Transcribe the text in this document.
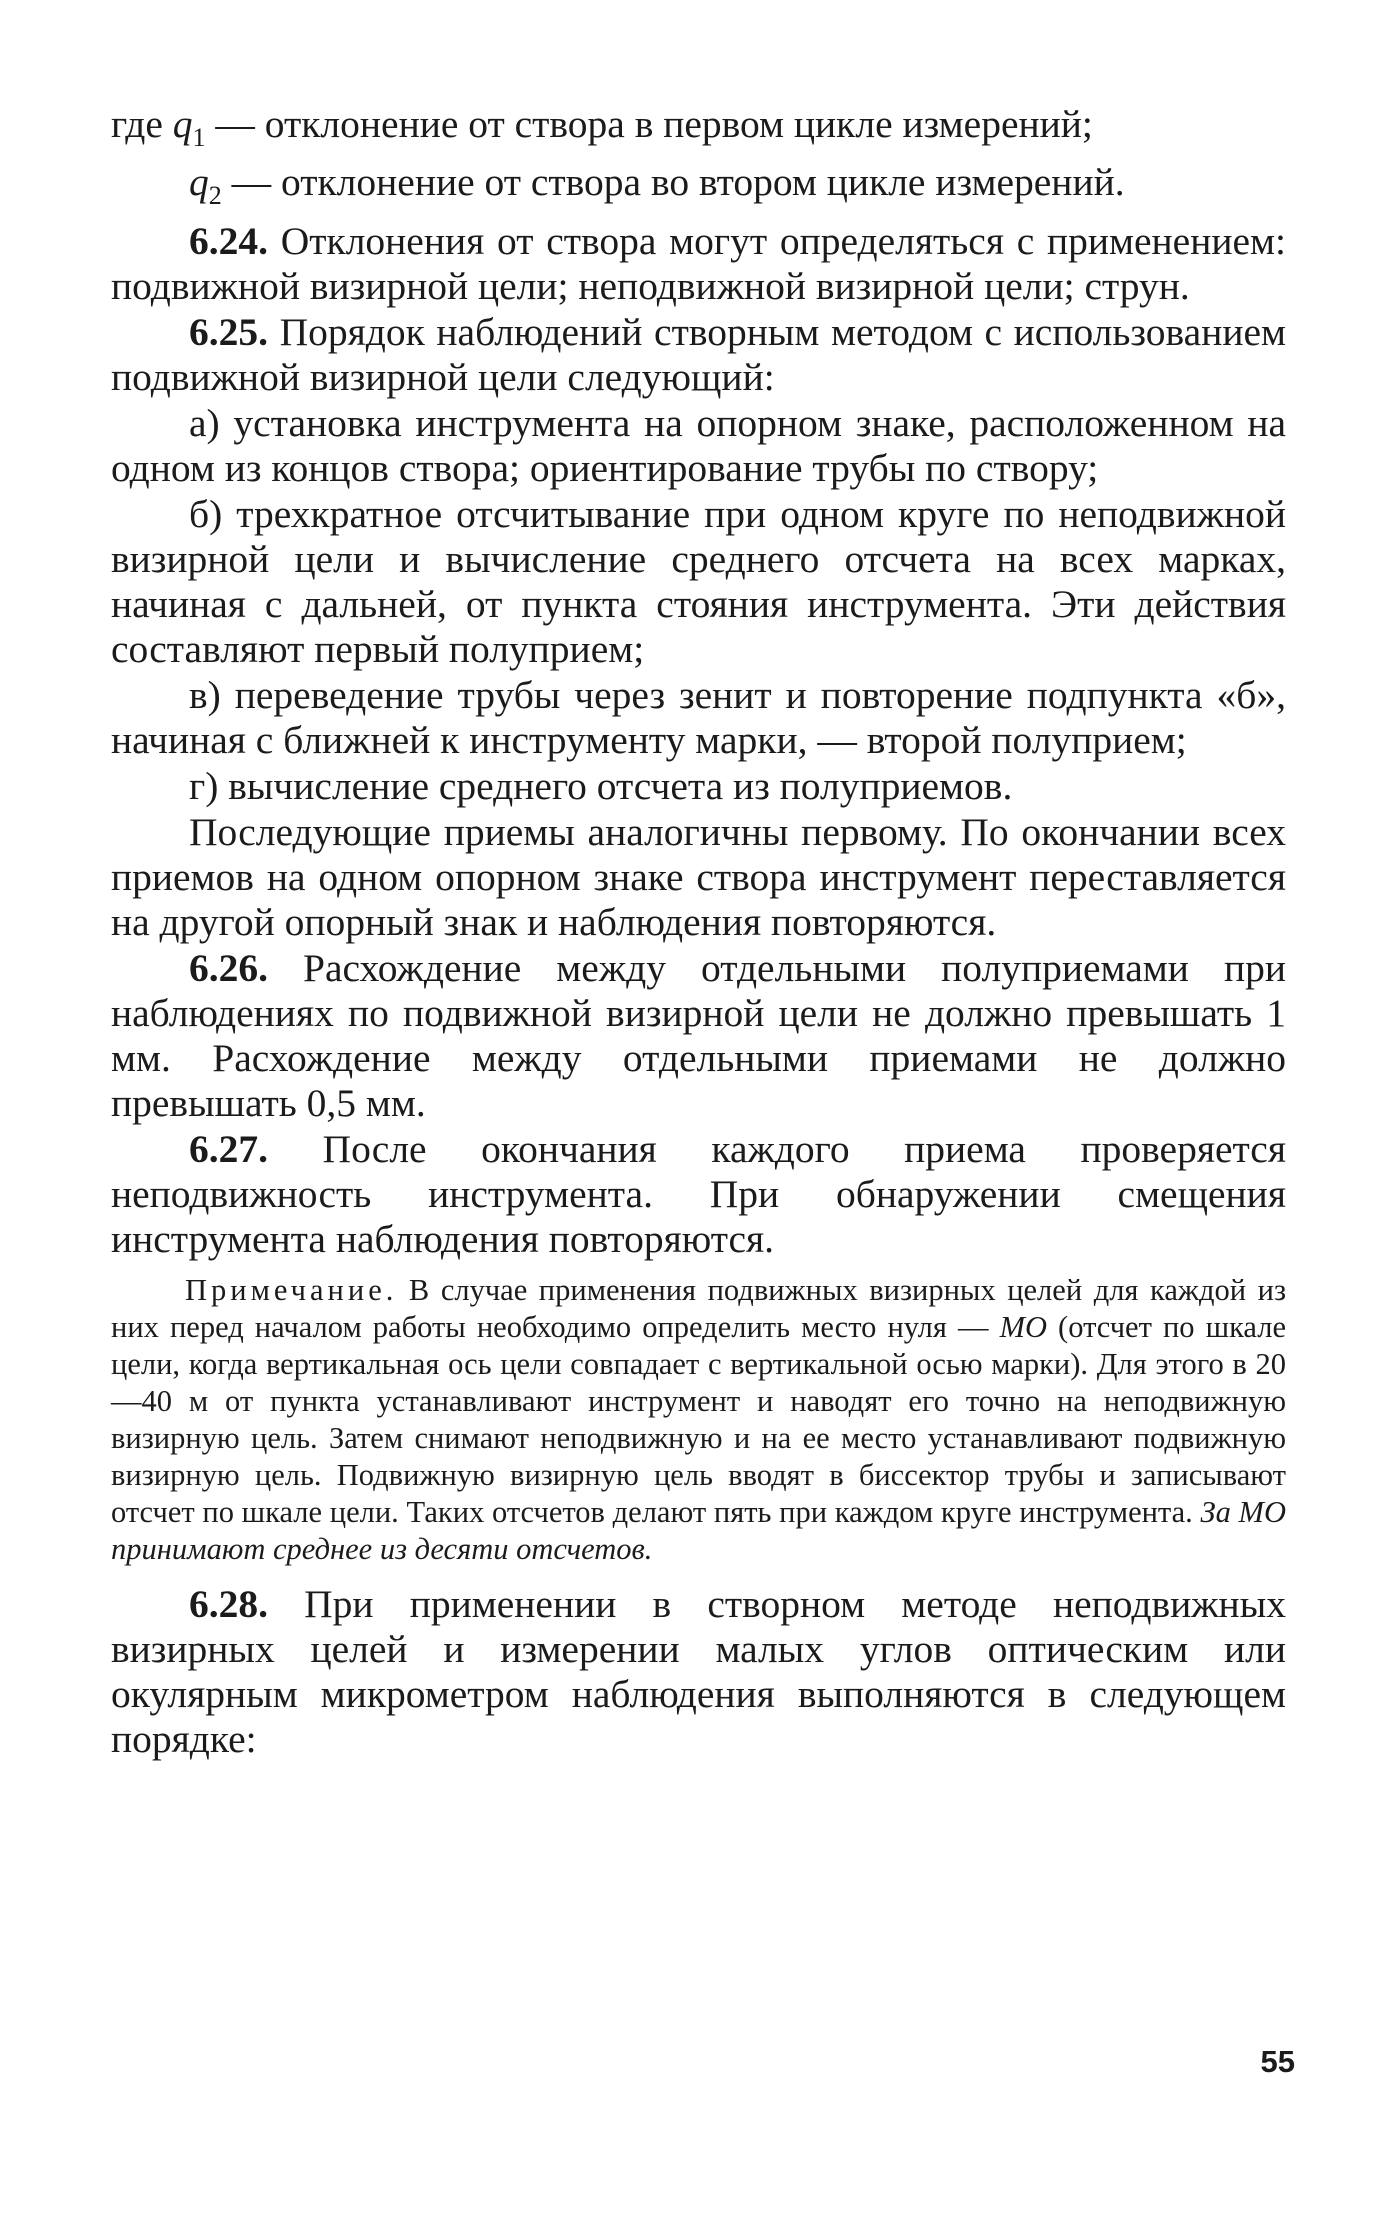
где $q_1$ — отклонение от створа в первом цикле измерений;

$q_2$ — отклонение от створа во втором цикле измерений.

6.24. Отклонения от створа могут определяться с применением: подвижной визирной цели; неподвижной визирной цели; струн.

6.25. Порядок наблюдений створным методом с использованием подвижной визирной цели следующий:

а) установка инструмента на опорном знаке, расположенном на одном из концов створа; ориентирование трубы по створу;

б) трехкратное отсчитывание при одном круге по неподвижной визирной цели и вычисление среднего отсчета на всех марках, начиная с дальней, от пункта стояния инструмента. Эти действия составляют первый полуприем;

в) переведение трубы через зенит и повторение подпункта «б», начиная с ближней к инструменту марки, — второй полуприем;

г) вычисление среднего отсчета из полуприемов.

Последующие приемы аналогичны первому. По окончании всех приемов на одном опорном знаке створа инструмент переставляется на другой опорный знак и наблюдения повторяются.

6.26. Расхождение между отдельными полуприемами при наблюдениях по подвижной визирной цели не должно превышать 1 мм. Расхождение между отдельными приемами не должно превышать 0,5 мм.

6.27. После окончания каждого приема проверяется неподвижность инструмента. При обнаружении смещения инструмента наблюдения повторяются.

Примечание. В случае применения подвижных визирных целей для каждой из них перед началом работы необходимо определить место нуля — МО (отсчет по шкале цели, когда вертикальная ось цели совпадает с вертикальной осью марки). Для этого в 20—40 м от пункта устанавливают инструмент и наводят его точно на неподвижную визирную цель. Затем снимают неподвижную и на ее место устанавливают подвижную визирную цель. Подвижную визирную цель вводят в биссектор трубы и записывают отсчет по шкале цели. Таких отсчетов делают пять при каждом круге инструмента. За МО принимают среднее из десяти отсчетов.

6.28. При применении в створном методе неподвижных визирных целей и измерении малых углов оптическим или окулярным микрометром наблюдения выполняются в следующем порядке:

55
